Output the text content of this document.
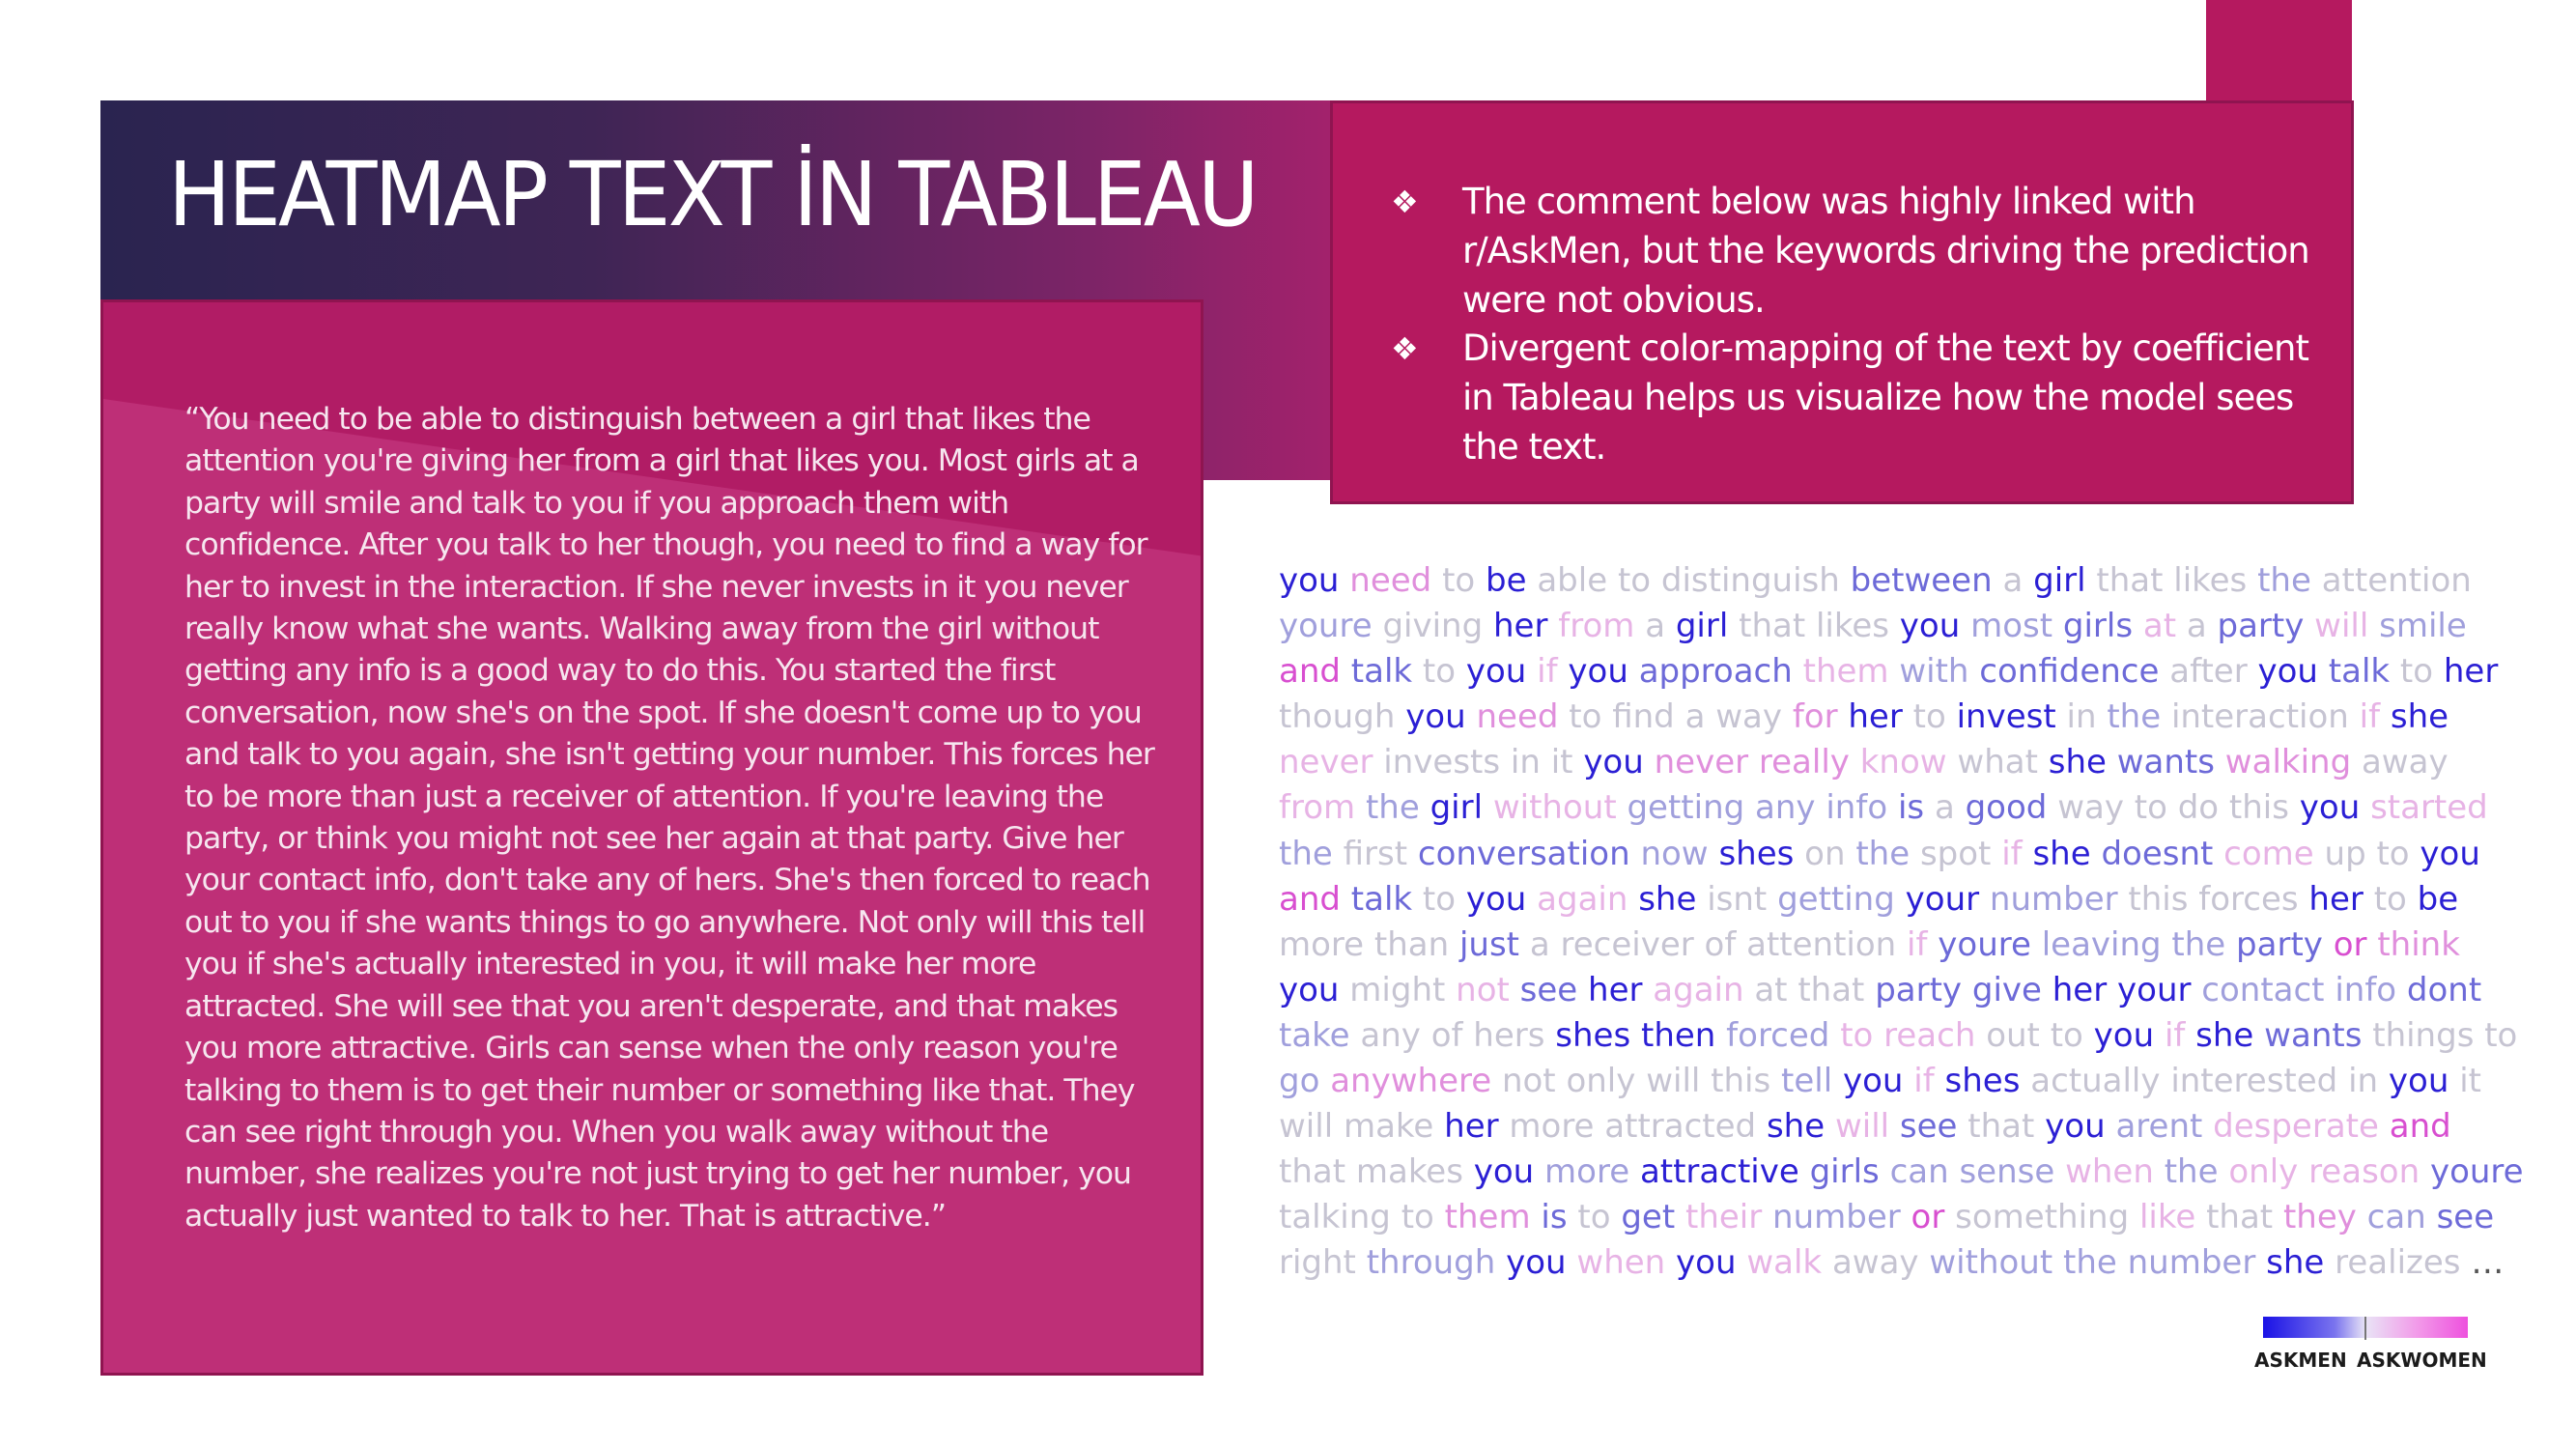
HEATMAP TEXT İN TABLEAU

“You need to be able to distinguish between a girl that likes the attention you're giving her from a girl that likes you. Most girls at a party will smile and talk to you if you approach them with confidence. After you talk to her though, you need to find a way for her to invest in the interaction. If she never invests in it you never really know what she wants. Walking away from the girl without getting any info is a good way to do this. You started the first conversation, now she's on the spot. If she doesn't come up to you and talk to you again, she isn't getting your number. This forces her to be more than just a receiver of attention. If you're leaving the party, or think you might not see her again at that party. Give her your contact info, don't take any of hers. She's then forced to reach out to you if she wants things to go anywhere. Not only will this tell you if she's actually interested in you, it will make her more attracted. She will see that you aren't desperate, and that makes you more attractive. Girls can sense when the only reason you're talking to them is to get their number or something like that. They can see right through you. When you walk away without the number, she realizes you're not just trying to get her number, you actually just wanted to talk to her. That is attractive.”

❖	The comment below was highly linked with r/AskMen, but the keywords driving the prediction were not obvious.

❖	Divergent color-mapping of the text by coefficient in Tableau helps us visualize how the model sees the text.

you need to be able to distinguish between a girl that likes the attention youre giving her from a girl that likes you most girls at a party will smile and talk to you if you approach them with confidence after you talk to her though you need to find a way for her to invest in the interaction if she never invests in it you never really know what she wants walking away from the girl without getting any info is a good way to do this you started the first conversation now shes on the spot if she doesnt come up to you and talk to you again she isnt getting your number this forces her to be more than just a receiver of attention if youre leaving the party or think you might not see her again at that party give her your contact info dont take any of hers shes then forced to reach out to you if she wants things to go anywhere not only will this tell you if shes actually interested in you it will make her more attracted she will see that you arent desperate and that makes you more attractive girls can sense when the only reason youre talking to them is to get their number or something like that they can see right through you when you walk away without the number she realizes …

ASKMEN ASKWOMEN
